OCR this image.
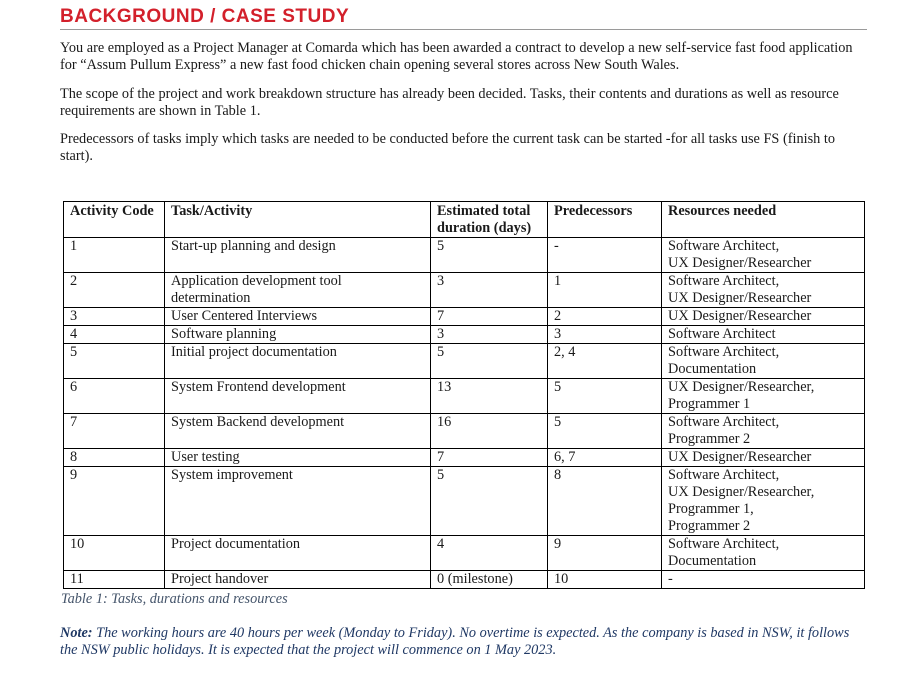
BACKGROUND / CASE STUDY

You are employed as a Project Manager at Comarda which has been awarded a contract to develop a new self-service fast food application for “Assum Pullum Express” a new fast food chicken chain opening several stores across New South Wales.

The scope of the project and work breakdown structure has already been decided. Tasks, their contents and durations as well as resource requirements are shown in Table 1.

Predecessors of tasks imply which tasks are needed to be conducted before the current task can be started -for all tasks use FS (finish to start).

Activity Code	Task/Activity	Estimated total duration (days)	Predecessors	Resources needed
1	Start-up planning and design	5	-	Software Architect,
UX Designer/Researcher

2	Application development tool determination	3	1	Software Architect,
UX Designer/Researcher

3	User Centered Interviews	7	2	UX Designer/Researcher

4	Software planning	3	3	Software Architect

5	Initial project documentation	5	2, 4	Software Architect,
Documentation

6	System Frontend development	13	5	UX Designer/Researcher,
Programmer 1

7	System Backend development	16	5	Software Architect,
Programmer 2

8	User testing	7	6, 7	UX Designer/Researcher

9	System improvement	5	8	Software Architect,
UX Designer/Researcher,
Programmer 1,
Programmer 2

10	Project documentation	4	9	Software Architect,
Documentation

11	Project handover	0 (milestone)	10	-
Table 1: Tasks, durations and resources

Note: The working hours are 40 hours per week (Monday to Friday). No overtime is expected. As the company is based in NSW, it follows the NSW public holidays. It is expected that the project will commence on 1 May 2023.
